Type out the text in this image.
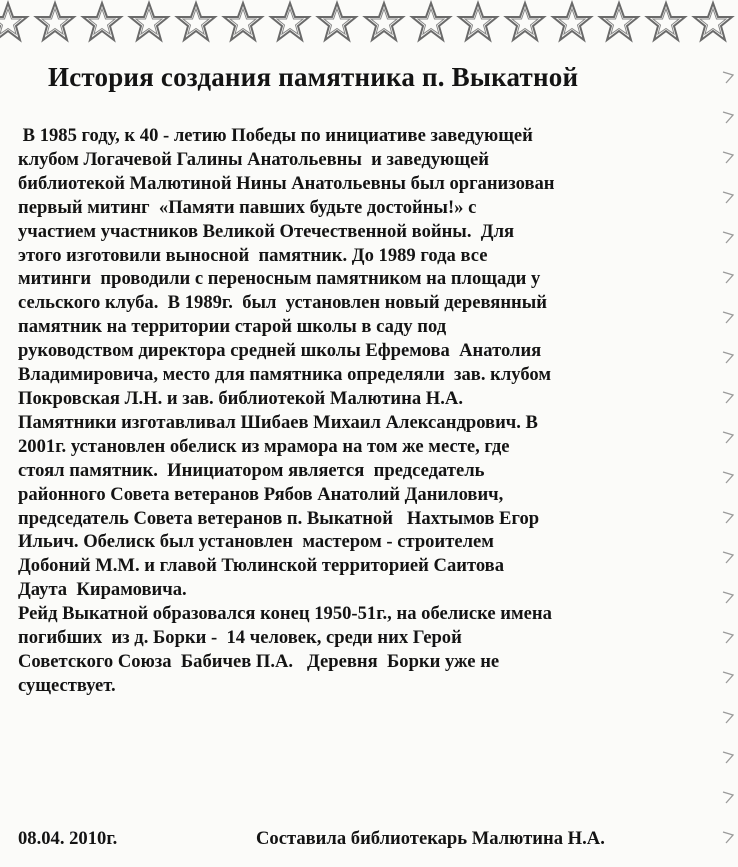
История создания памятника п. Выкатной
В 1985 году, к 40 - летию Победы по инициативе заведующей
клубом Логачевой Галины Анатольевны  и заведующей
библиотекой Малютиной Нины Анатольевны был организован
первый митинг  «Памяти павших будьте достойны!» с
участием участников Великой Отечественной войны.  Для
этого изготовили выносной  памятник. До 1989 года все
митинги  проводили с переносным памятником на площади у
сельского клуба.  В 1989г.  был  установлен новый деревянный
памятник на территории старой школы в саду под
руководством директора средней школы Ефремова  Анатолия
Владимировича, место для памятника определяли  зав. клубом
Покровская Л.Н. и зав. библиотекой Малютина Н.А.
Памятники изготавливал Шибаев Михаил Александрович. В
2001г. установлен обелиск из мрамора на том же месте, где
стоял памятник.  Инициатором является  председатель
районного Совета ветеранов Рябов Анатолий Данилович,
председатель Совета ветеранов п. Выкатной   Нахтымов Егор
Ильич. Обелиск был установлен  мастером - строителем
Добоний М.М. и главой Тюлинской территорией Саитова
Даута  Кирамовича.
Рейд Выкатной образовался конец 1950-51г., на обелиске имена
погибших  из д. Борки -  14 человек, среди них Герой
Советского Союза  Бабичев П.А.   Деревня  Борки уже не
существует.
08.04. 2010г.	Составила библиотекарь Малютина Н.А.
